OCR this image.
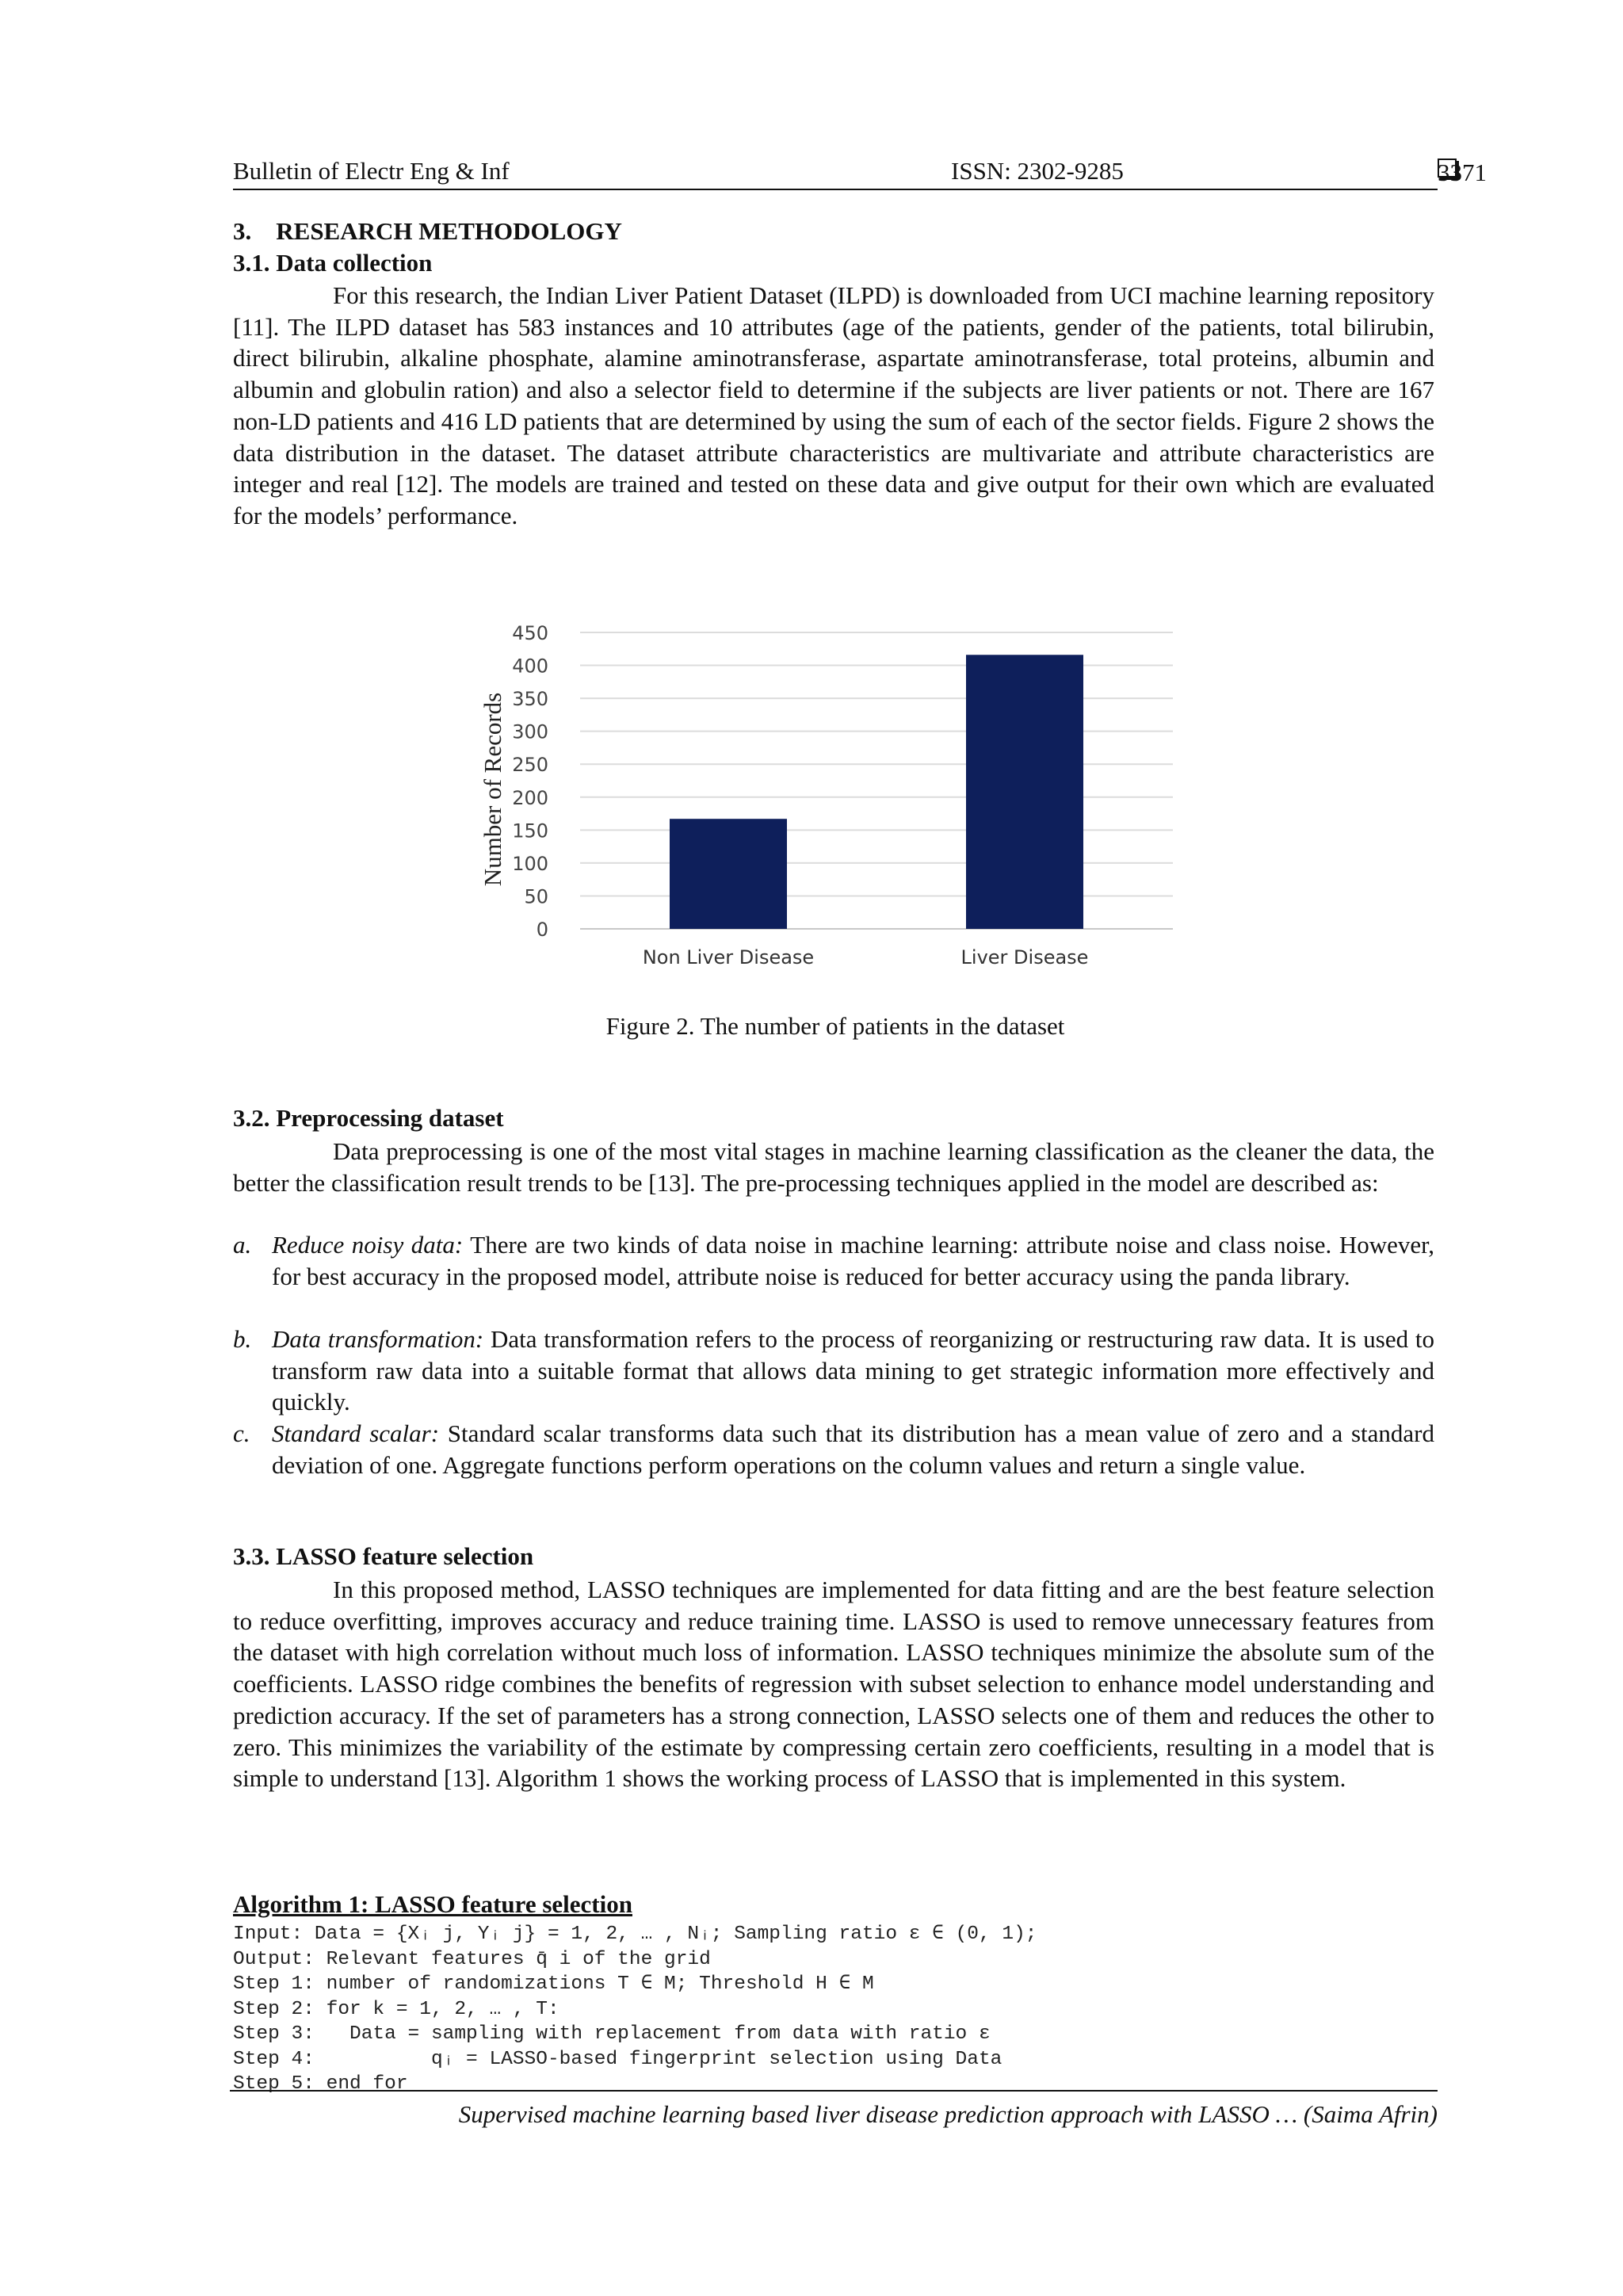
Bulletin of Electr Eng & Inf	ISSN: 2302-9285	3371
3. RESEARCH METHODOLOGY
3.1. Data collection
For this research, the Indian Liver Patient Dataset (ILPD) is downloaded from UCI machine learning repository [11]. The ILPD dataset has 583 instances and 10 attributes (age of the patients, gender of the patients, total bilirubin, direct bilirubin, alkaline phosphate, alamine aminotransferase, aspartate aminotransferase, total proteins, albumin and albumin and globulin ration) and also a selector field to determine if the subjects are liver patients or not. There are 167 non-LD patients and 416 LD patients that are determined by using the sum of each of the sector fields. Figure 2 shows the data distribution in the dataset. The dataset attribute characteristics are multivariate and attribute characteristics are integer and real [12]. The models are trained and tested on these data and give output for their own which are evaluated for the models’ performance.
0
50
100
150
200
250
300
350
400
450
Non Liver Disease	Liver Disease
Number of Records
Figure 2. The number of patients in the dataset
3.2. Preprocessing dataset
Data preprocessing is one of the most vital stages in machine learning classification as the cleaner the data, the better the classification result trends to be [13]. The pre-processing techniques applied in the model are described as:
a. Reduce noisy data: There are two kinds of data noise in machine learning: attribute noise and class noise. However, for best accuracy in the proposed model, attribute noise is reduced for better accuracy using the panda library.
b. Data transformation: Data transformation refers to the process of reorganizing or restructuring raw data. It is used to transform raw data into a suitable format that allows data mining to get strategic information more effectively and quickly.
c. Standard scalar: Standard scalar transforms data such that its distribution has a mean value of zero and a standard deviation of one. Aggregate functions perform operations on the column values and return a single value.
3.3. LASSO feature selection
In this proposed method, LASSO techniques are implemented for data fitting and are the best feature selection to reduce overfitting, improves accuracy and reduce training time. LASSO is used to remove unnecessary features from the dataset with high correlation without much loss of information. LASSO techniques minimize the absolute sum of the coefficients. LASSO ridge combines the benefits of regression with subset selection to enhance model understanding and prediction accuracy. If the set of parameters has a strong connection, LASSO selects one of them and reduces the other to zero. This minimizes the variability of the estimate by compressing certain zero coefficients, resulting in a model that is simple to understand [13]. Algorithm 1 shows the working process of LASSO that is implemented in this system.
Algorithm 1: LASSO feature selection
Input: Data = {Xᵢ j, Yᵢ j} = 1, 2, … , Nᵢ; Sampling ratio ε ∈ (0, 1);
Output: Relevant features q̄ i of the grid
Step 1: number of randomizations T ∈ M; Threshold H ∈ M
Step 2: for k = 1, 2, … , T:
Step 3:   Data = sampling with replacement from data with ratio ε
Step 4:          qᵢ = LASSO-based fingerprint selection using Data
Step 5: end for
Supervised machine learning based liver disease prediction approach with LASSO … (Saima Afrin)
